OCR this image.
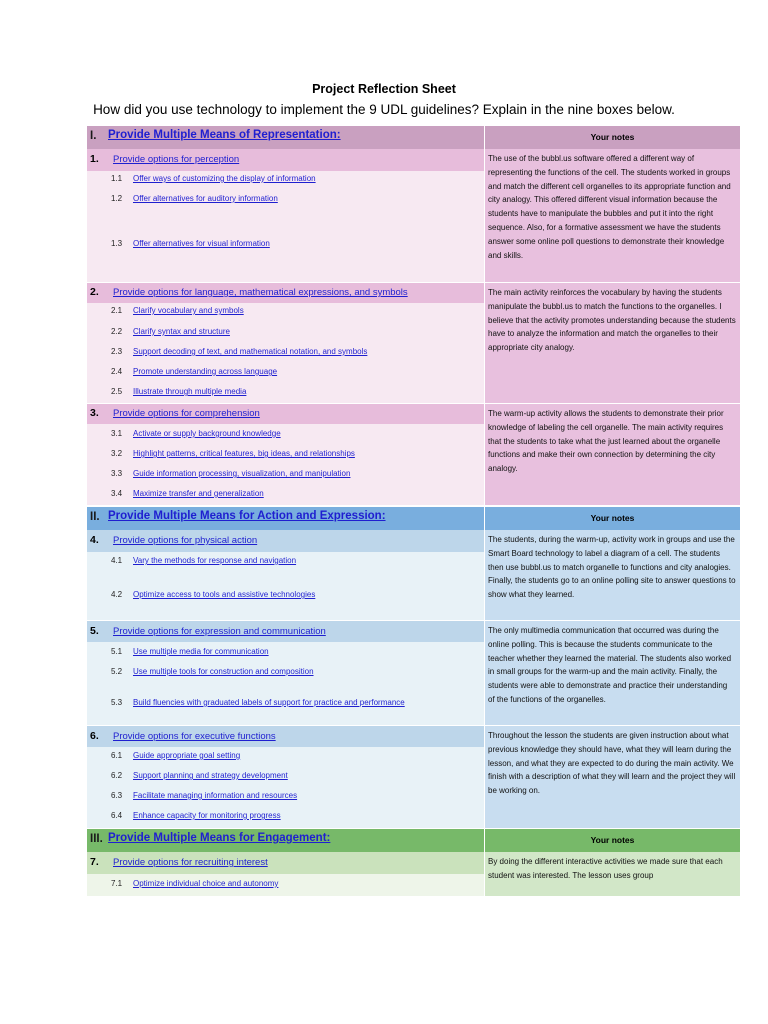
Project Reflection Sheet
How did you use technology to implement the 9 UDL guidelines? Explain in the nine boxes below.
I. Provide Multiple Means of Representation:	Your notes
1. Provide options for perception
1.1 Offer ways of customizing the display of information
1.2 Offer alternatives for auditory information
1.3 Offer alternatives for visual information
The use of the bubbl.us software offered a different way of representing the functions of the cell. The students worked in groups and match the different cell organelles to its appropriate function and city analogy. This offered different visual information because the students have to manipulate the bubbles and put it into the right sequence. Also, for a formative assessment we have the students answer some online poll questions to demonstrate their knowledge and skills.
2. Provide options for language, mathematical expressions, and symbols
2.1 Clarify vocabulary and symbols
2.2 Clarify syntax and structure
2.3 Support decoding of text, and mathematical notation, and symbols
2.4 Promote understanding across language
2.5 Illustrate through multiple media
The main activity reinforces the vocabulary by having the students manipulate the bubbl.us to match the functions to the organelles. I believe that the activity promotes understanding because the students have to analyze the information and match the organelles to their appropriate city analogy.
3. Provide options for comprehension
3.1 Activate or supply background knowledge
3.2 Highlight patterns, critical features, big ideas, and relationships
3.3 Guide information processing, visualization, and manipulation
3.4 Maximize transfer and generalization
The warm-up activity allows the students to demonstrate their prior knowledge of labeling the cell organelle. The main activity requires that the students to take what the just learned about the organelle functions and make their own connection by determining the city analogy.
II. Provide Multiple Means for Action and Expression:	Your notes
4. Provide options for physical action
4.1 Vary the methods for response and navigation
4.2 Optimize access to tools and assistive technologies
The students, during the warm-up, activity work in groups and use the Smart Board technology to label a diagram of a cell. The students then use bubbl.us to match organelle to functions and city analogies. Finally, the students go to an online polling site to answer questions to show what they learned.
5. Provide options for expression and communication
5.1 Use multiple media for communication
5.2 Use multiple tools for construction and composition
5.3 Build fluencies with graduated labels of support for practice and performance
The only multimedia communication that occurred was during the online polling. This is because the students communicate to the teacher whether they learned the material. The students also worked in small groups for the warm-up and the main activity. Finally, the students were able to demonstrate and practice their understanding of the functions of the organelles.
6. Provide options for executive functions
6.1 Guide appropriate goal setting
6.2 Support planning and strategy development
6.3 Facilitate managing information and resources
6.4 Enhance capacity for monitoring progress
Throughout the lesson the students are given instruction about what previous knowledge they should have, what they will learn during the lesson, and what they are expected to do during the main activity. We finish with a description of what they will learn and the project they will be working on.
III. Provide Multiple Means for Engagement:	Your notes
7. Provide options for recruiting interest
7.1 Optimize individual choice and autonomy
By doing the different interactive activities we made sure that each student was interested. The lesson uses group
